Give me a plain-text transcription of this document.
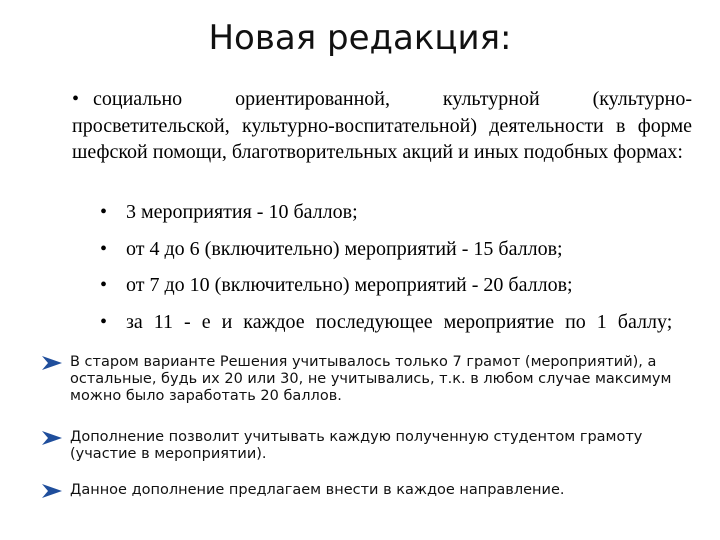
Новая редакция:
• социально ориентированной, культурной (культурно-просветительской, культурно-воспитательной) деятельности в форме шефской помощи, благотворительных акций и иных подобных формах:
• 3 мероприятия - 10 баллов;
• от 4 до 6 (включительно) мероприятий - 15 баллов;
• от 7 до 10 (включительно) мероприятий - 20 баллов;
• за 11 - е и каждое последующее мероприятие по 1 баллу;
В старом варианте Решения учитывалось только 7 грамот (мероприятий), а остальные, будь их 20 или 30, не учитывались, т.к. в любом случае максимум можно было заработать 20 баллов.
Дополнение позволит учитывать каждую полученную студентом грамоту (участие в мероприятии).
Данное дополнение предлагаем внести в каждое направление.
